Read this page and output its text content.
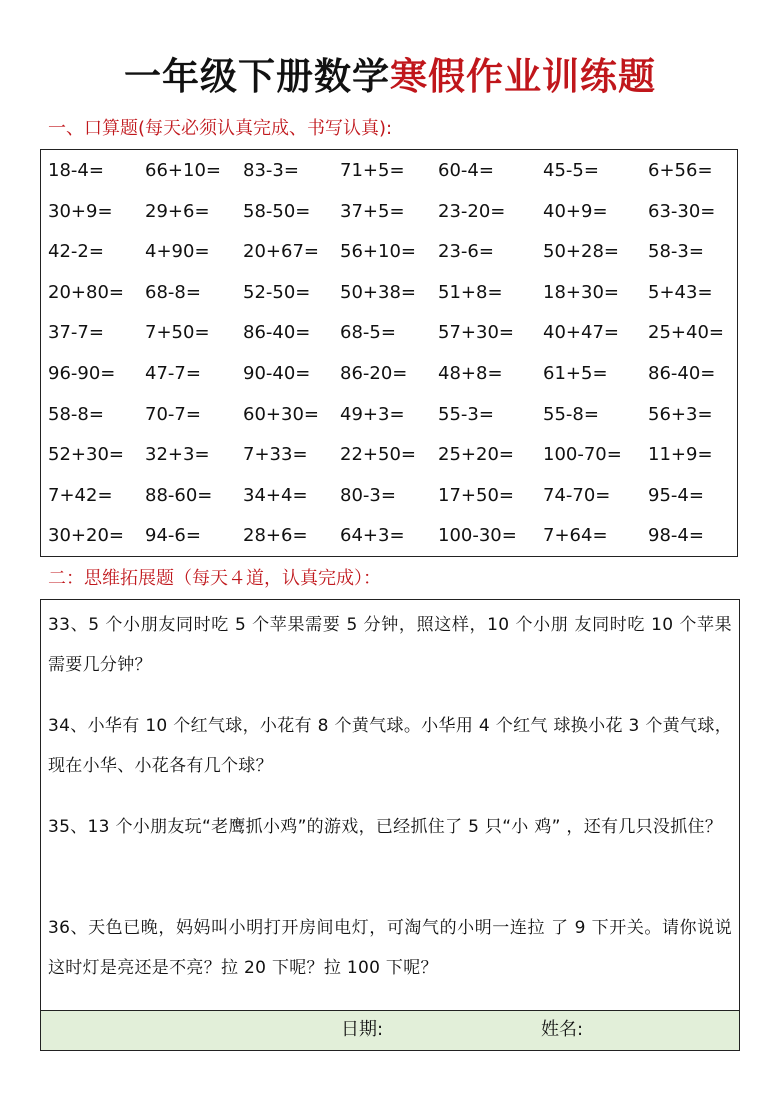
一年级下册数学寒假作业训练题
一、口算题(每天必须认真完成、书写认真):
18-4= 66+10= 83-3= 71+5= 60-4=	45-5=	6+56=
30+9= 29+6= 58-50= 37+5= 23-20= 40+9= 63-30=
42-2= 4+90= 20+67= 56+10= 23-6=	50+28= 58-3=
20+80= 68-8= 52-50= 50+38= 51+8= 18+30= 5+43=
37-7= 7+50= 86-40= 68-5= 57+30= 40+47= 25+40=
96-90= 47-7= 90-40= 86-20= 48+8= 61+5= 86-40=
58-8= 70-7= 60+30= 49+3= 55-3=	55-8=	56+3=
52+30= 32+3= 7+33= 22+50= 25+20= 100-70= 11+9=
7+42= 88-60= 34+4= 80-3= 17+50= 74-70= 95-4=
30+20= 94-6= 28+6= 64+3= 100-30= 7+64= 98-4=
二：思维拓展题（每天４道，认真完成）：
33、5 个小朋友同时吃 5 个苹果需要 5 分钟，照这样，10 个小朋 友同时吃 10 个苹果需要几分钟？
34、小华有 10 个红气球，小花有 8 个黄气球。小华用 4 个红气 球换小花 3 个黄气球，现在小华、小花各有几个球？
35、13 个小朋友玩“老鹰抓小鸡”的游戏，已经抓住了 5 只“小 鸡” ，还有几只没抓住？
36、天色已晚，妈妈叫小明打开房间电灯，可淘气的小明一连拉 了 9 下开关。请你说说这时灯是亮还是不亮？拉 20 下呢？拉 100 下呢？
日期:	姓名:
